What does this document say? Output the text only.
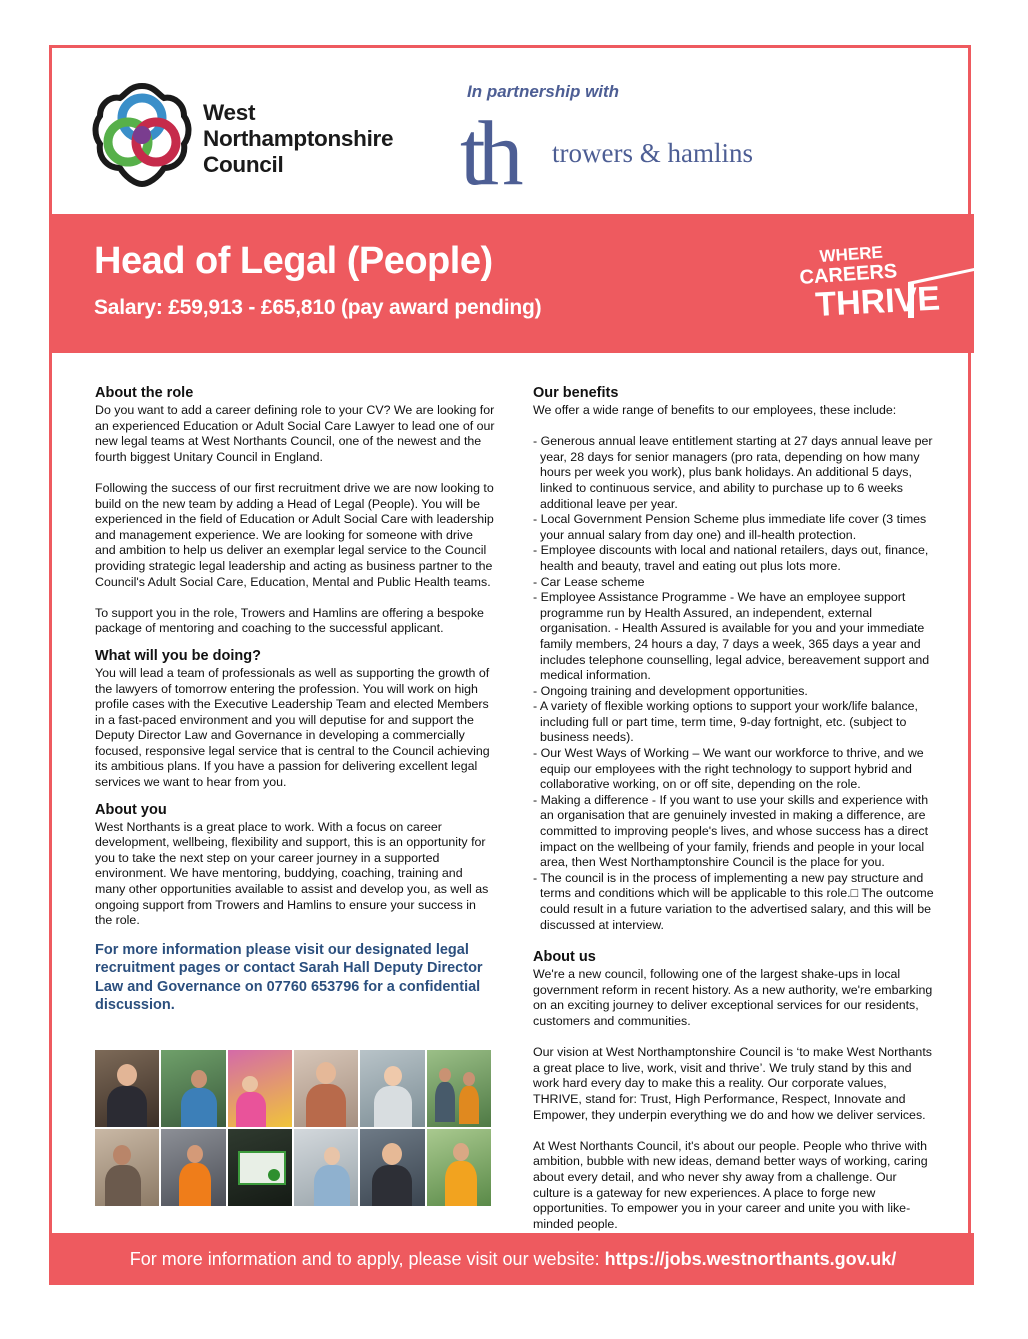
West
Northamptonshire
Council
In partnership with
th trowers & hamlins
Head of Legal (People)
Salary: £59,913 - £65,810 (pay award pending)
WHERE
CAREERS
THRIVE
About the role

Do you want to add a career defining role to your CV? We are looking for an experienced Education or Adult Social Care Lawyer to lead one of our new legal teams at West Northants Council, one of the newest and the fourth biggest Unitary Council in England.

Following the success of our first recruitment drive we are now looking to build on the new team by adding a Head of Legal (People). You will be experienced in the field of Education or Adult Social Care with leadership and management experience. We are looking for someone with drive and ambition to help us deliver an exemplar legal service to the Council providing strategic legal leadership and acting as business partner to the Council's Adult Social Care, Education, Mental and Public Health teams.

To support you in the role, Trowers and Hamlins are offering a bespoke package of mentoring and coaching to the successful applicant.

What will you be doing?

You will lead a team of professionals as well as supporting the growth of the lawyers of tomorrow entering the profession. You will work on high profile cases with the Executive Leadership Team and elected Members in a fast-paced environment and you will deputise for and support the Deputy Director Law and Governance in developing a commercially focused, responsive legal service that is central to the Council achieving its ambitious plans. If you have a passion for delivering excellent legal services we want to hear from you.

About you

West Northants is a great place to work. With a focus on career development, wellbeing, flexibility and support, this is an opportunity for you to take the next step on your career journey in a supported environment. We have mentoring, buddying, coaching, training and many other opportunities available to assist and develop you, as well as ongoing support from Trowers and Hamlins to ensure your success in the role.

For more information please visit our designated legal recruitment pages or contact Sarah Hall Deputy Director Law and Governance on 07760 653796 for a confidential discussion.

Our benefits

We offer a wide range of benefits to our employees, these include:

- Generous annual leave entitlement starting at 27 days annual leave per year, 28 days for senior managers (pro rata, depending on how many hours per week you work), plus bank holidays. An additional 5 days, linked to continuous service, and ability to purchase up to 6 weeks additional leave per year.
- Local Government Pension Scheme plus immediate life cover (3 times your annual salary from day one) and ill-health protection.
- Employee discounts with local and national retailers, days out, finance, health and beauty, travel and eating out plus lots more.
- Car Lease scheme
- Employee Assistance Programme - We have an employee support programme run by Health Assured, an independent, external organisation. - Health Assured is available for you and your immediate family members, 24 hours a day, 7 days a week, 365 days a year and includes telephone counselling, legal advice, bereavement support and medical information.
- Ongoing training and development opportunities.
- A variety of flexible working options to support your work/life balance, including full or part time, term time, 9-day fortnight, etc. (subject to business needs).
- Our West Ways of Working – We want our workforce to thrive, and we equip our employees with the right technology to support hybrid and collaborative working, on or off site, depending on the role.
- Making a difference - If you want to use your skills and experience with an organisation that are genuinely invested in making a difference, are committed to improving people's lives, and whose success has a direct impact on the wellbeing of your family, friends and people in your local area, then West Northamptonshire Council is the place for you.
- The council is in the process of implementing a new pay structure and terms and conditions which will be applicable to this role.□ The outcome could result in a future variation to the advertised salary, and this will be discussed at interview.
About us

We're a new council, following one of the largest shake-ups in local government reform in recent history. As a new authority, we're embarking on an exciting journey to deliver exceptional services for our residents, customers and communities.

Our vision at West Northamptonshire Council is ‘to make West Northants a great place to live, work, visit and thrive’. We truly stand by this and work hard every day to make this a reality. Our corporate values, THRIVE, stand for: Trust, High Performance, Respect, Innovate and Empower, they underpin everything we do and how we deliver services.

At West Northants Council, it's about our people. People who thrive with ambition, bubble with new ideas, demand better ways of working, caring about every detail, and who never shy away from a challenge. Our culture is a gateway for new experiences. A place to forge new opportunities. To empower you in your career and unite you with like-minded people.

For more information and to apply, please visit our website: https://jobs.westnorthants.gov.uk/
